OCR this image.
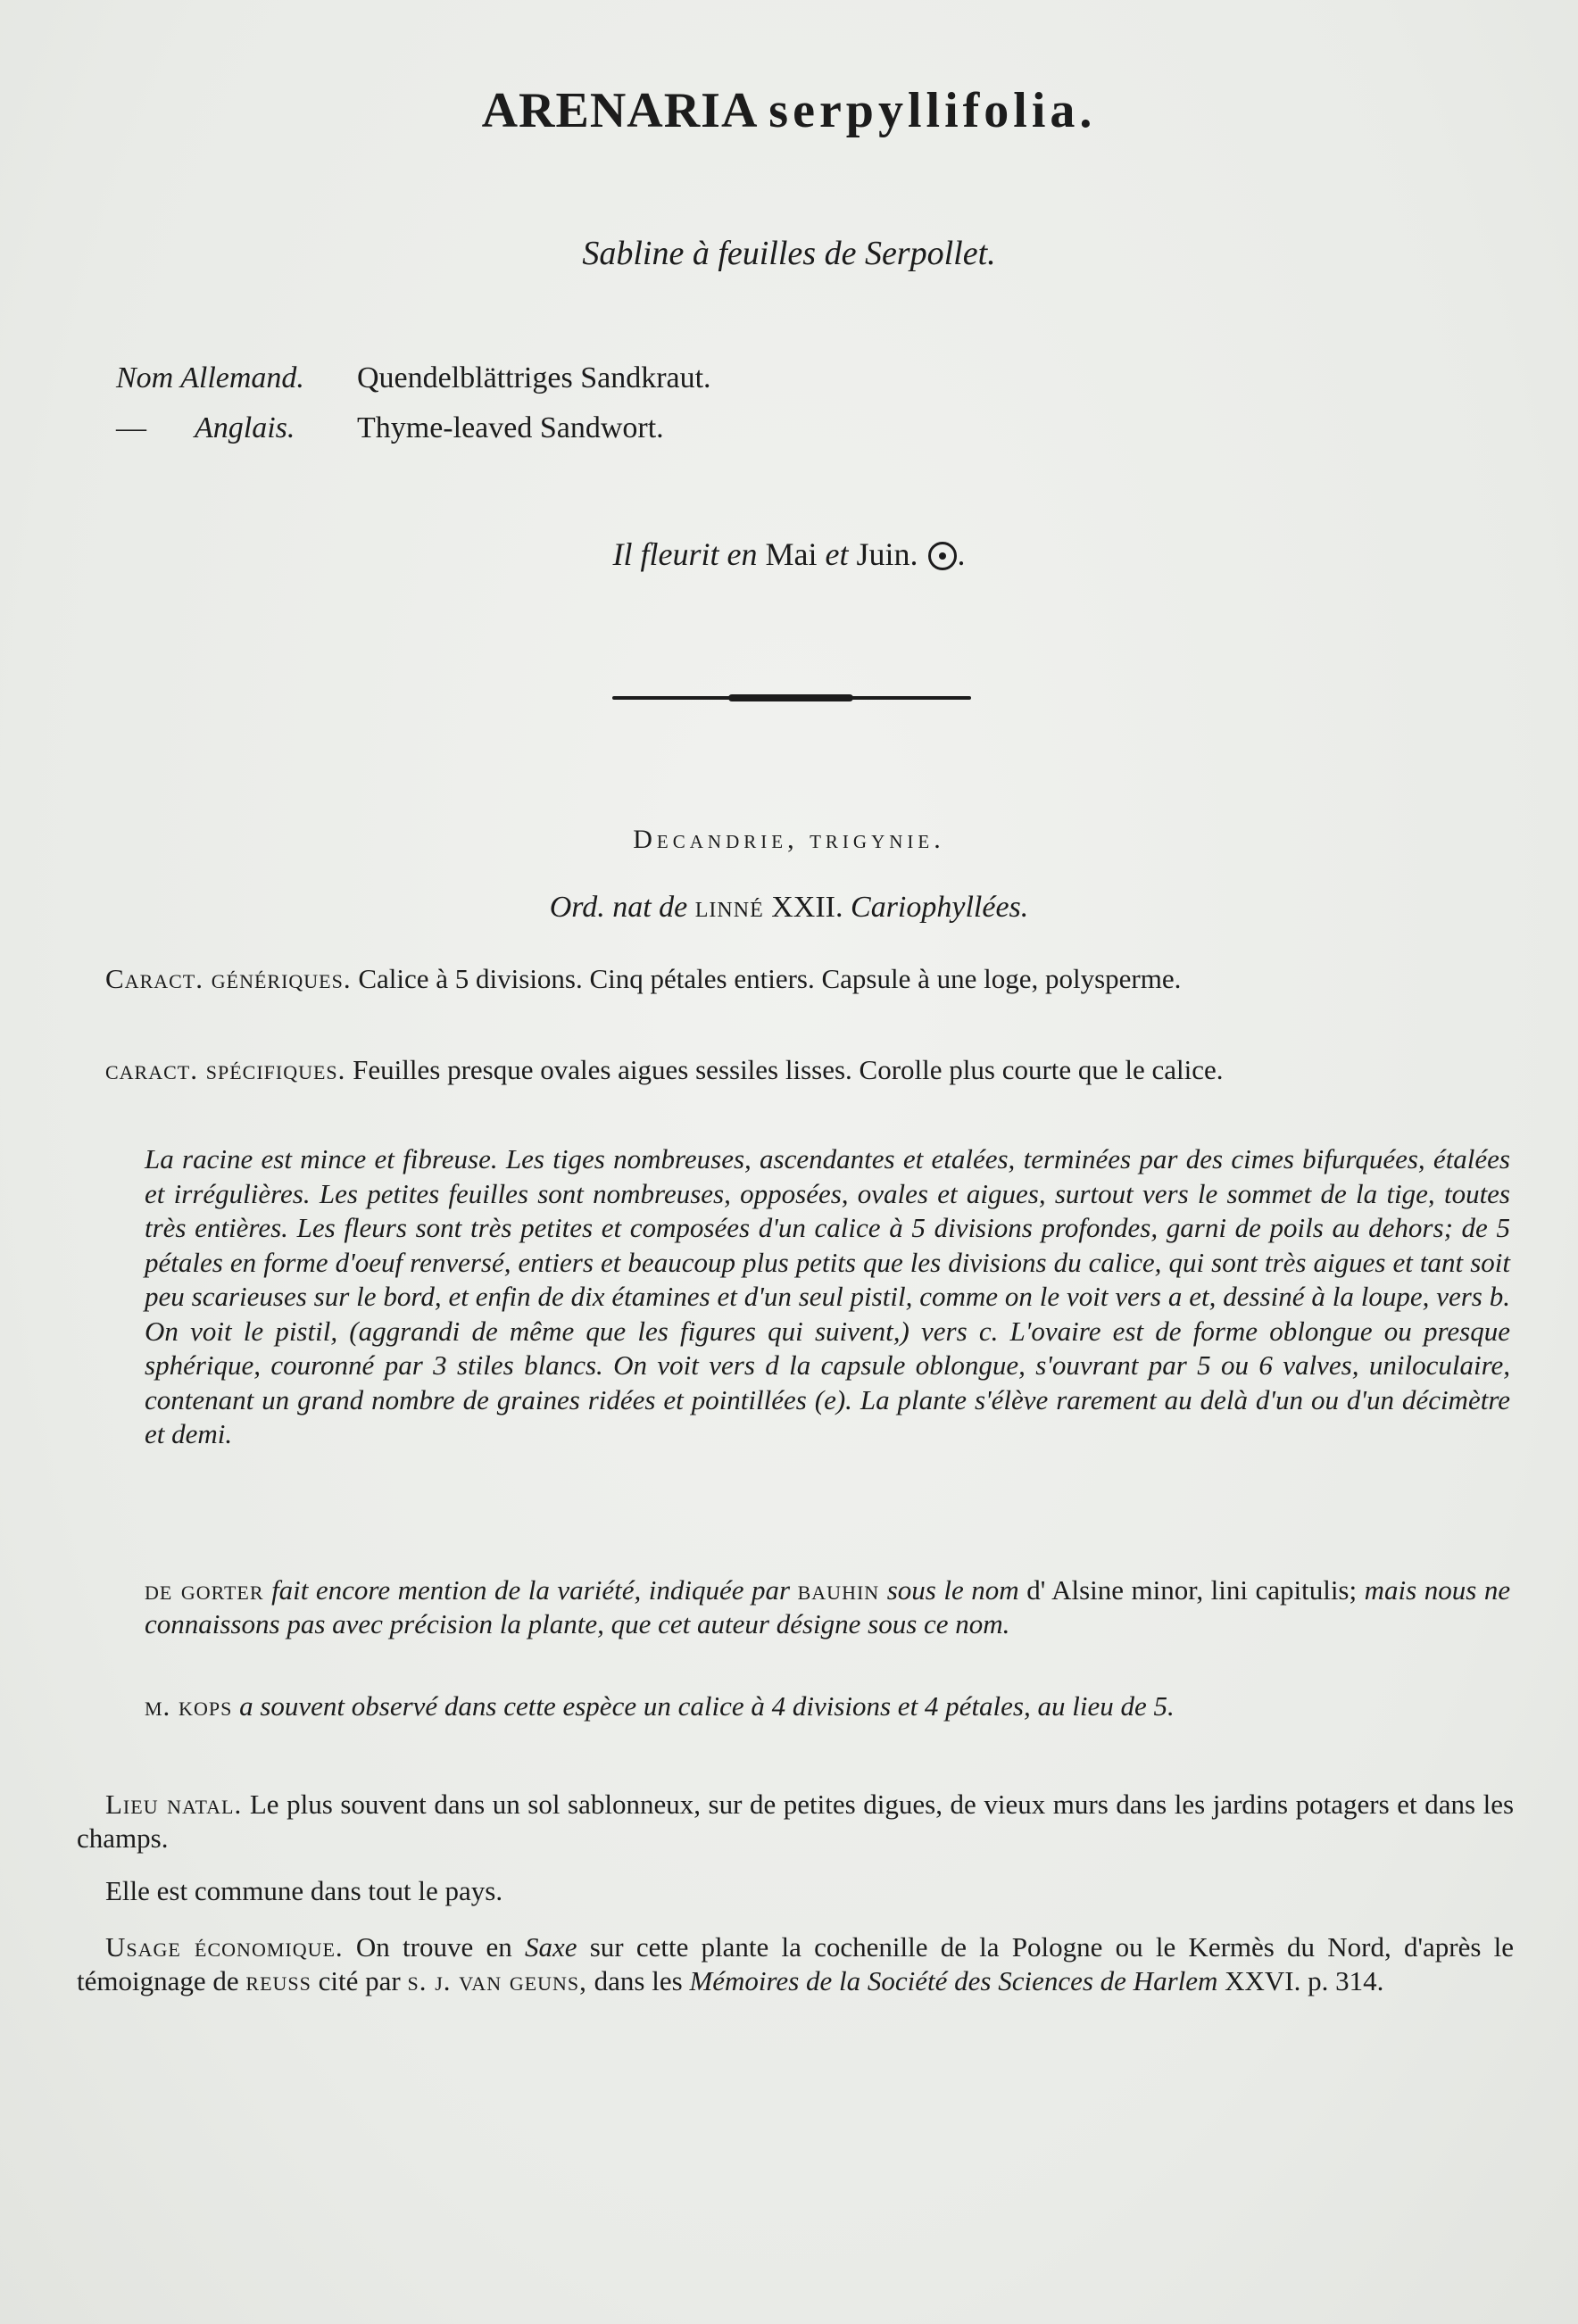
ARENARIA serpyllifolia.
Sabline à feuilles de Serpollet.
Nom Allemand. Quendelblättriges Sandkraut.
— Anglais. Thyme-leaved Sandwort.
Il fleurit en Mai et Juin. .
Decandrie, trigynie.
Ord. nat de linné XXII. Cariophyllées.
Caract. génériques. Calice à 5 divisions. Cinq pétales entiers. Capsule à une loge, polysperme.
caract. spécifiques. Feuilles presque ovales aigues sessiles lisses. Corolle plus courte que le calice.
La racine est mince et fibreuse. Les tiges nombreuses, ascendantes et etalées, terminées par des cimes bifurquées, étalées et irrégulières. Les petites feuilles sont nombreuses, opposées, ovales et aigues, surtout vers le sommet de la tige, toutes très entières. Les fleurs sont très petites et composées d'un calice à 5 divisions profondes, garni de poils au dehors; de 5 pétales en forme d'oeuf renversé, entiers et beaucoup plus petits que les divisions du calice, qui sont très aigues et tant soit peu scarieuses sur le bord, et enfin de dix étamines et d'un seul pistil, comme on le voit vers a et, dessiné à la loupe, vers b. On voit le pistil, (aggrandi de même que les figures qui suivent,) vers c. L'ovaire est de forme oblongue ou presque sphérique, couronné par 3 stiles blancs. On voit vers d la capsule oblongue, s'ouvrant par 5 ou 6 valves, uniloculaire, contenant un grand nombre de graines ridées et pointillées (e). La plante s'élève rarement au delà d'un ou d'un décimètre et demi.
de gorter fait encore mention de la variété, indiquée par bauhin sous le nom d' Alsine minor, lini capitulis; mais nous ne connaissons pas avec précision la plante, que cet auteur désigne sous ce nom.
m. kops a souvent observé dans cette espèce un calice à 4 divisions et 4 pétales, au lieu de 5.
Lieu natal. Le plus souvent dans un sol sablonneux, sur de petites digues, de vieux murs dans les jardins potagers et dans les champs.
Elle est commune dans tout le pays.
Usage économique. On trouve en Saxe sur cette plante la cochenille de la Pologne ou le Kermès du Nord, d'après le témoignage de reuss cité par s. j. van geuns, dans les Mémoires de la Société des Sciences de Harlem XXVI. p. 314.
